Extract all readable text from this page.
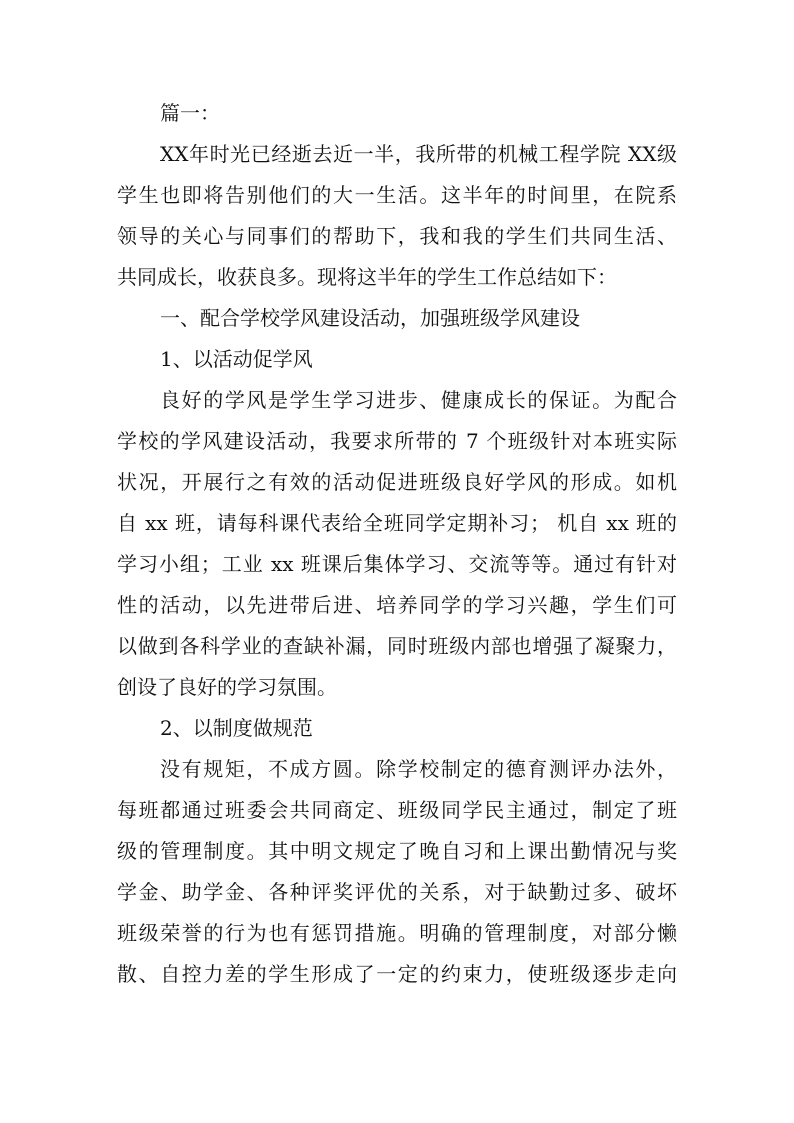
篇一：
XX年时光已经逝去近一半，我所带的机械工程学院 XX级
学生也即将告别他们的大一生活。这半年的时间里，在院系
领导的关心与同事们的帮助下，我和我的学生们共同生活、
共同成长，收获良多。现将这半年的学生工作总结如下：
一、配合学校学风建设活动，加强班级学风建设
1、以活动促学风
良好的学风是学生学习进步、健康成长的保证。为配合
学校的学风建设活动，我要求所带的 7 个班级针对本班实际
状况，开展行之有效的活动促进班级良好学风的形成。如机
自 xx 班，请每科课代表给全班同学定期补习； 机自 xx 班的
学习小组；工业 xx 班课后集体学习、交流等等。通过有针对
性的活动，以先进带后进、培养同学的学习兴趣，学生们可
以做到各科学业的查缺补漏，同时班级内部也增强了凝聚力，
创设了良好的学习氛围。
2、以制度做规范
没有规矩，不成方圆。除学校制定的德育测评办法外，
每班都通过班委会共同商定、班级同学民主通过，制定了班
级的管理制度。其中明文规定了晚自习和上课出勤情况与奖
学金、助学金、各种评奖评优的关系，对于缺勤过多、破坏
班级荣誉的行为也有惩罚措施。明确的管理制度，对部分懒
散、自控力差的学生形成了一定的约束力，使班级逐步走向
